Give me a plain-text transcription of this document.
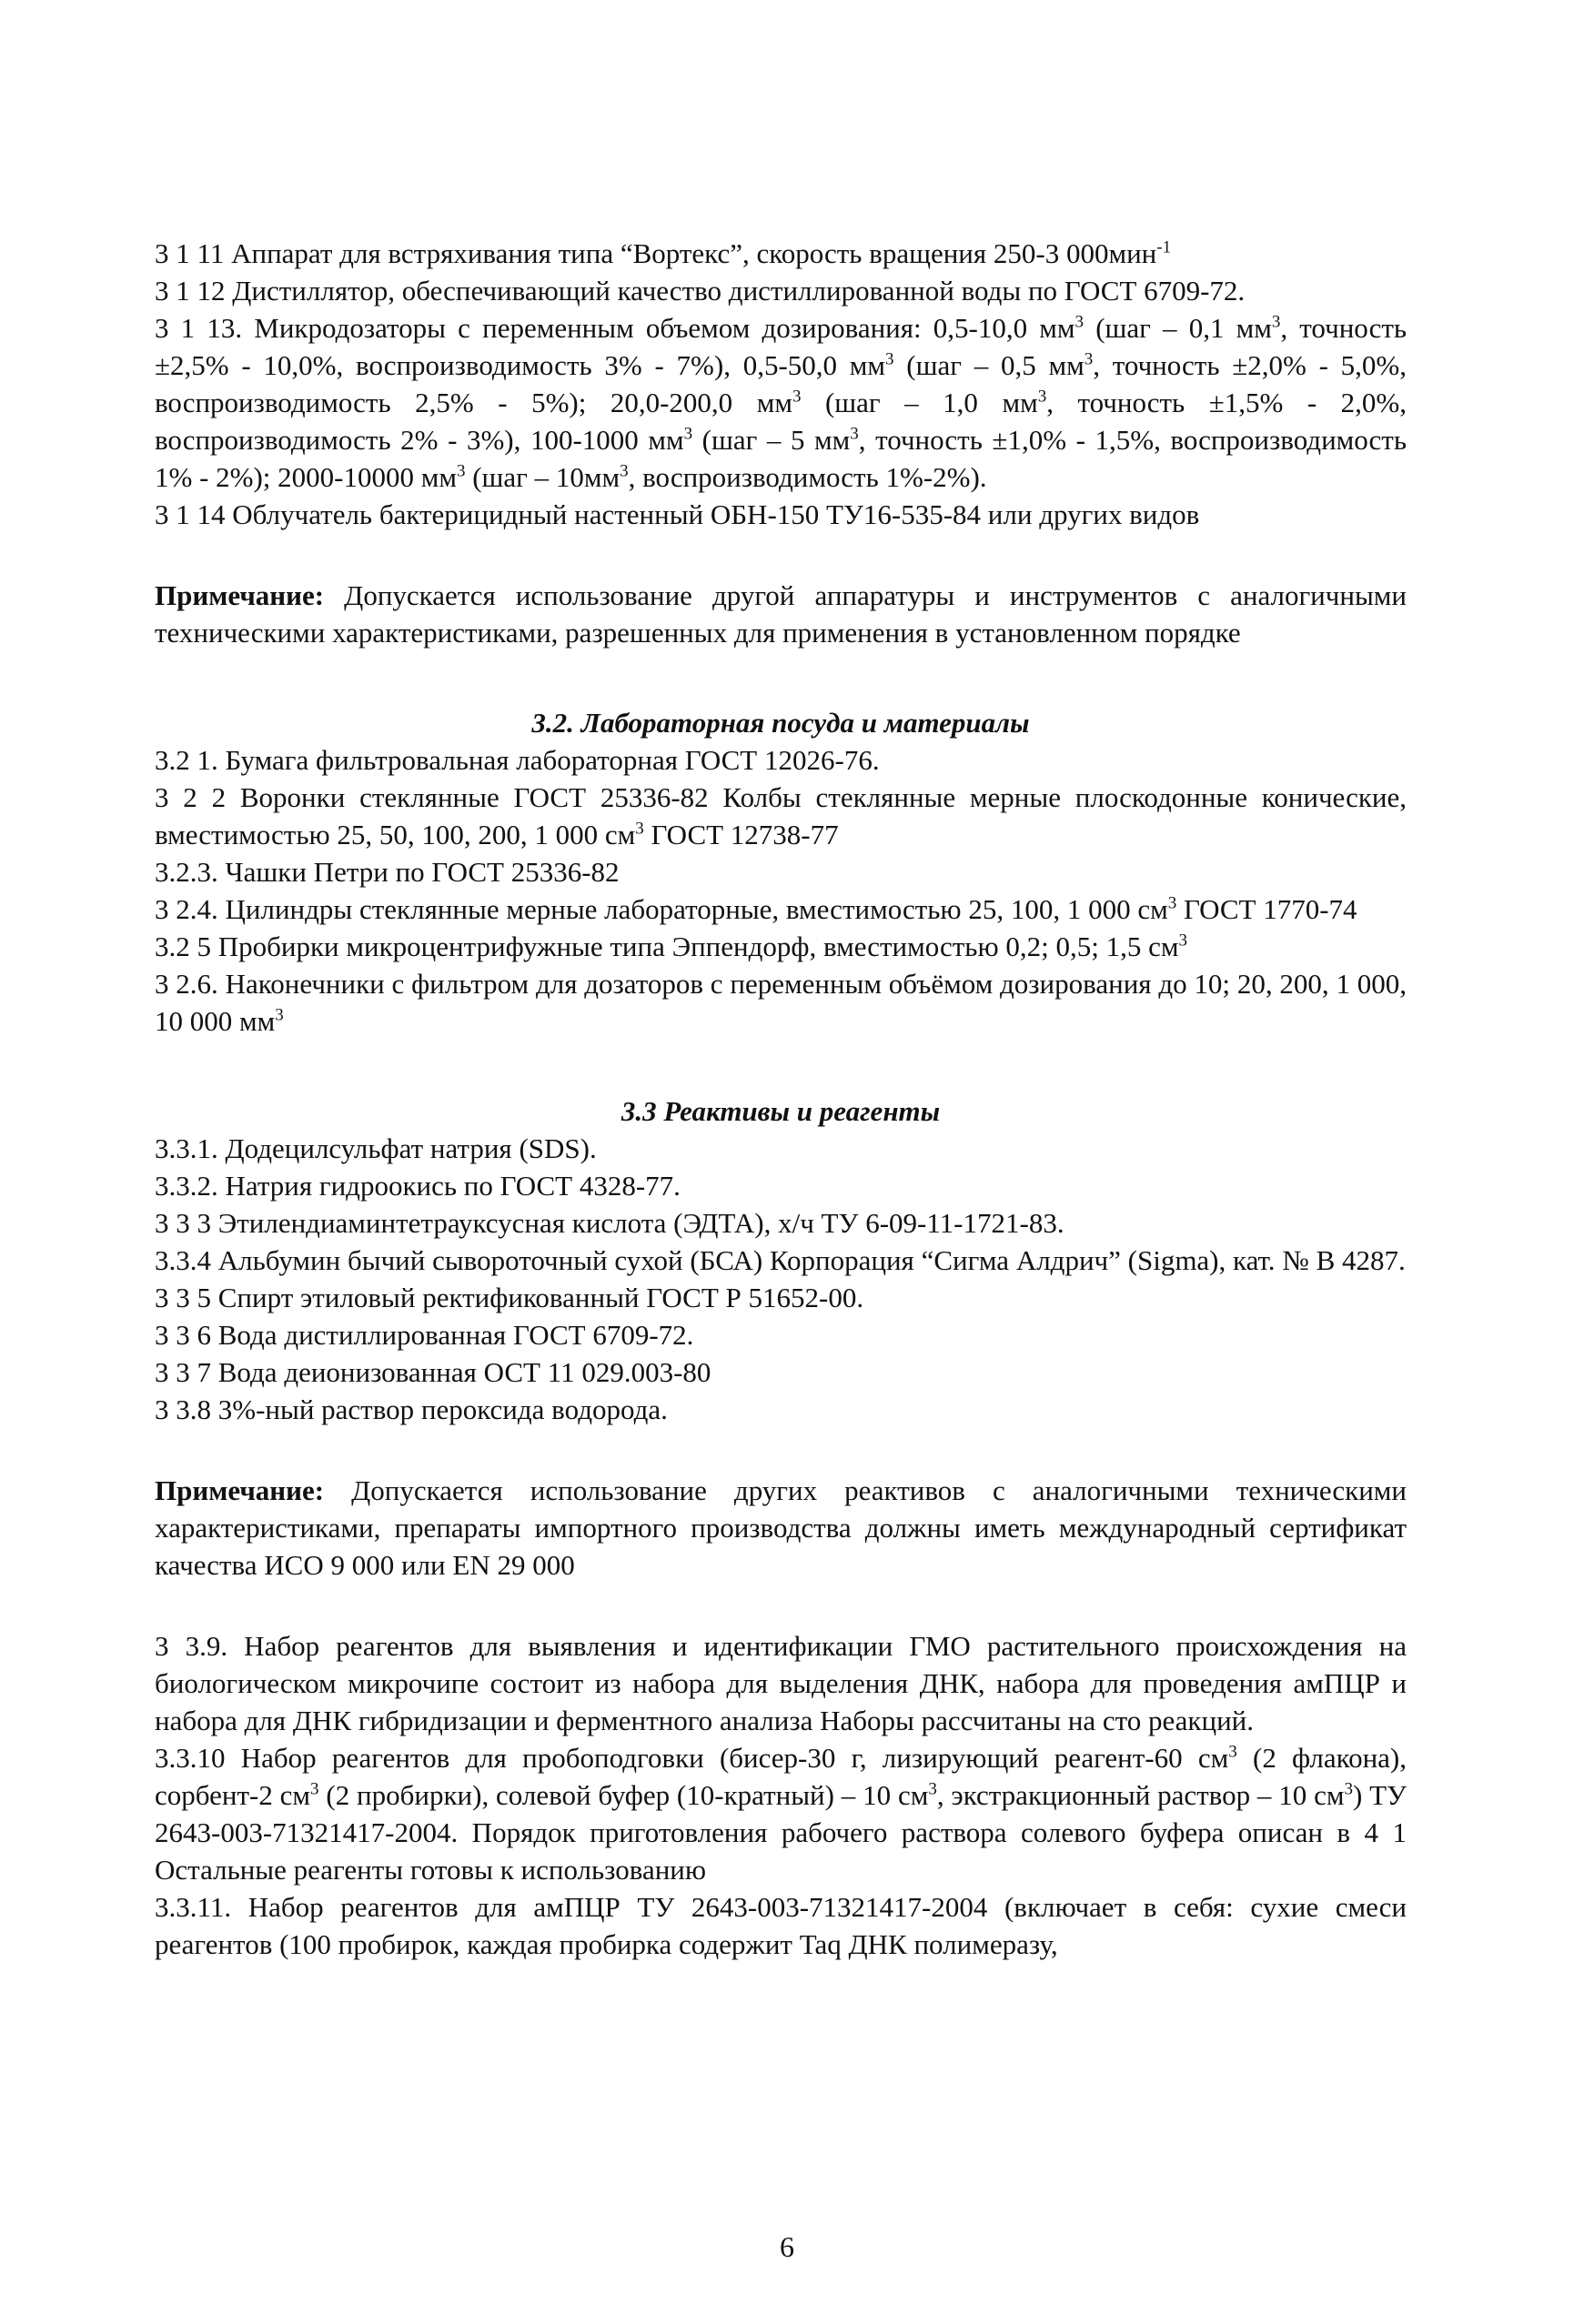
3 1 11 Аппарат для встряхивания типа “Вортекс”, скорость вращения 250-3 000мин$^{-1}$

3 1 12 Дистиллятор, обеспечивающий качество дистиллированной воды по ГОСТ 6709-72.

3 1 13. Микродозаторы с переменным объемом дозирования: 0,5-10,0 $мм^3$ (шаг – 0,1 $мм^3$, точность ±2,5% - 10,0%, воспроизводимость 3% - 7%), 0,5-50,0 $мм^3$ (шаг – 0,5 $мм^3$, точность ±2,0% - 5,0%, воспроизводимость 2,5% - 5%); 20,0-200,0 $мм^3$ (шаг – 1,0 $мм^3$, точность ±1,5% - 2,0%, воспроизводимость 2% - 3%), 100-1000 $мм^3$ (шаг – 5 $мм^3$, точность ±1,0% - 1,5%, воспроизводимость 1% - 2%); 2000-10000 $мм^3$ ($шаг - 10мм^3$, воспроизводимость 1%-2%).

3 1 14 Облучатель бактерицидный настенный ОБН-150 ТУ16-535-84 или других видов

Примечание: Допускается использование другой аппаратуры и инструментов с аналогичными техническими характеристиками, разрешенных для применения в установленном порядке

3.2. Лабораторная посуда и материалы

3.2 1. Бумага фильтровальная лабораторная ГОСТ 12026-76.

3 2 2 Воронки стеклянные ГОСТ 25336-82 Колбы стеклянные мерные плоскодонные конические, вместимостью 25, 50, 100, 200, 1 000 $см^3$ ГОСТ 12738-77

3.2.3. Чашки Петри по ГОСТ 25336-82

3 2.4. Цилиндры стеклянные мерные лабораторные, вместимостью 25, 100, 1 000 $см^3$ ГОСТ 1770-74

3.2 5 Пробирки микроцентрифужные типа Эппендорф, вместимостью 0,2; 0,5; 1,5 $см^3$

3 2.6. Наконечники с фильтром для дозаторов с переменным объёмом дозирования до 10; 20, 200, 1 000, 10 000 $мм^3$

3.3 Реактивы и реагенты

3.3.1. Додецилсульфат натрия (SDS).

3.3.2. Натрия гидроокись по ГОСТ 4328-77.

3 3 3 Этилендиаминтетрауксусная кислота (ЭДТА), х/ч ТУ 6-09-11-1721-83.

3.3.4 Альбумин бычий сывороточный сухой (БСА) Корпорация “Сигма Алдрич” (Sigma), кат. № В 4287.

3 3 5 Спирт этиловый ректификованный ГОСТ Р 51652-00.

3 3 6 Вода дистиллированная ГОСТ 6709-72.

3 3 7 Вода деионизованная ОСТ 11 029.003-80

3 3.8 3%-ный раствор пероксида водорода.

Примечание: Допускается использование других реактивов с аналогичными техническими характеристиками, препараты импортного производства должны иметь международный сертификат качества ИСО 9 000 или EN 29 000

3 3.9. Набор реагентов для выявления и идентификации ГМО растительного происхождения на биологическом микрочипе состоит из набора для выделения ДНК, набора для проведения амПЦР и набора для ДНК гибридизации и ферментного анализа Наборы рассчитаны на сто реакций.

3.3.10 Набор реагентов для пробоподговки (бисер-30 г, лизирующий реагент-60 $см^3$ (2 флакона), сорбент-2 $см^3$ (2 пробирки), солевой буфер (10-кратный) – 10 $см^3$, экстракционный раствор – 10 $см^3$) ТУ 2643-003-71321417-2004. Порядок приготовления рабочего раствора солевого буфера описан в 4 1 Остальные реагенты готовы к использованию

3.3.11. Набор реагентов для амПЦР ТУ 2643-003-71321417-2004 (включает в себя: сухие смеси реагентов (100 пробирок, каждая пробирка содержит Taq ДНК полимеразу,

6
